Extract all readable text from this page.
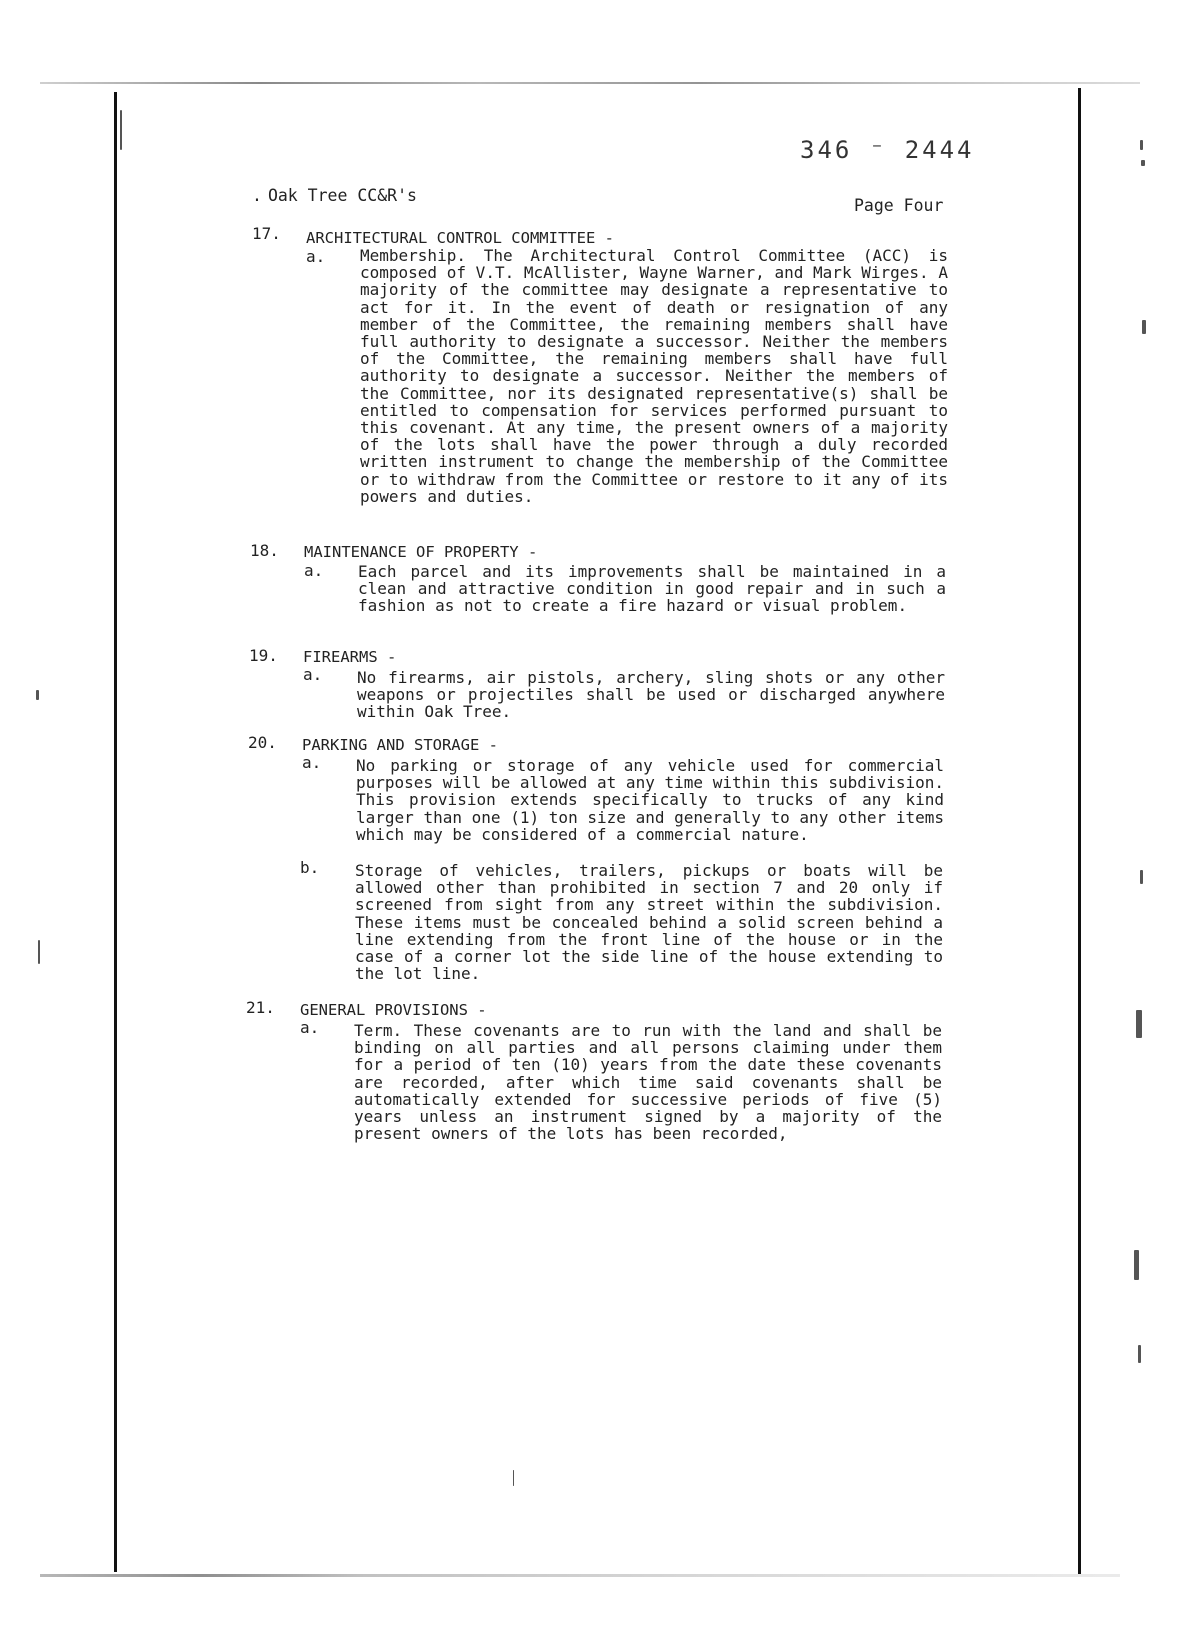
346 ⁻ 2444
. Oak Tree CC&R's
Page Four
17. ARCHITECTURAL CONTROL COMMITTEE -
a. Membership. The Architectural Control Committee (ACC) is composed of V.T. McAllister, Wayne Warner, and Mark Wirges. A majority of the committee may designate a representative to act for it. In the event of death or resignation of any member of the Committee, the remaining members shall have full authority to designate a successor. Neither the members of the Committee, the remaining members shall have full authority to designate a successor. Neither the members of the Committee, nor its designated representative(s) shall be entitled to compensation for services performed pursuant to this covenant. At any time, the present owners of a majority of the lots shall have the power through a duly recorded written instrument to change the membership of the Committee or to withdraw from the Committee or restore to it any of its powers and duties.
18. MAINTENANCE OF PROPERTY -
a. Each parcel and its improvements shall be maintained in a clean and attractive condition in good repair and in such a fashion as not to create a fire hazard or visual problem.
19. FIREARMS -
a. No firearms, air pistols, archery, sling shots or any other weapons or projectiles shall be used or discharged anywhere within Oak Tree.
20. PARKING AND STORAGE -
a. No parking or storage of any vehicle used for commercial purposes will be allowed at any time within this subdivision. This provision extends specifically to trucks of any kind larger than one (1) ton size and generally to any other items which may be considered of a commercial nature.
b. Storage of vehicles, trailers, pickups or boats will be allowed other than prohibited in section 7 and 20 only if screened from sight from any street within the subdivision. These items must be concealed behind a solid screen behind a line extending from the front line of the house or in the case of a corner lot the side line of the house extending to the lot line.
21. GENERAL PROVISIONS -
a. Term. These covenants are to run with the land and shall be binding on all parties and all persons claiming under them for a period of ten (10) years from the date these covenants are recorded, after which time said covenants shall be automatically extended for successive periods of five (5) years unless an instrument signed by a majority of the present owners of the lots has been recorded,
